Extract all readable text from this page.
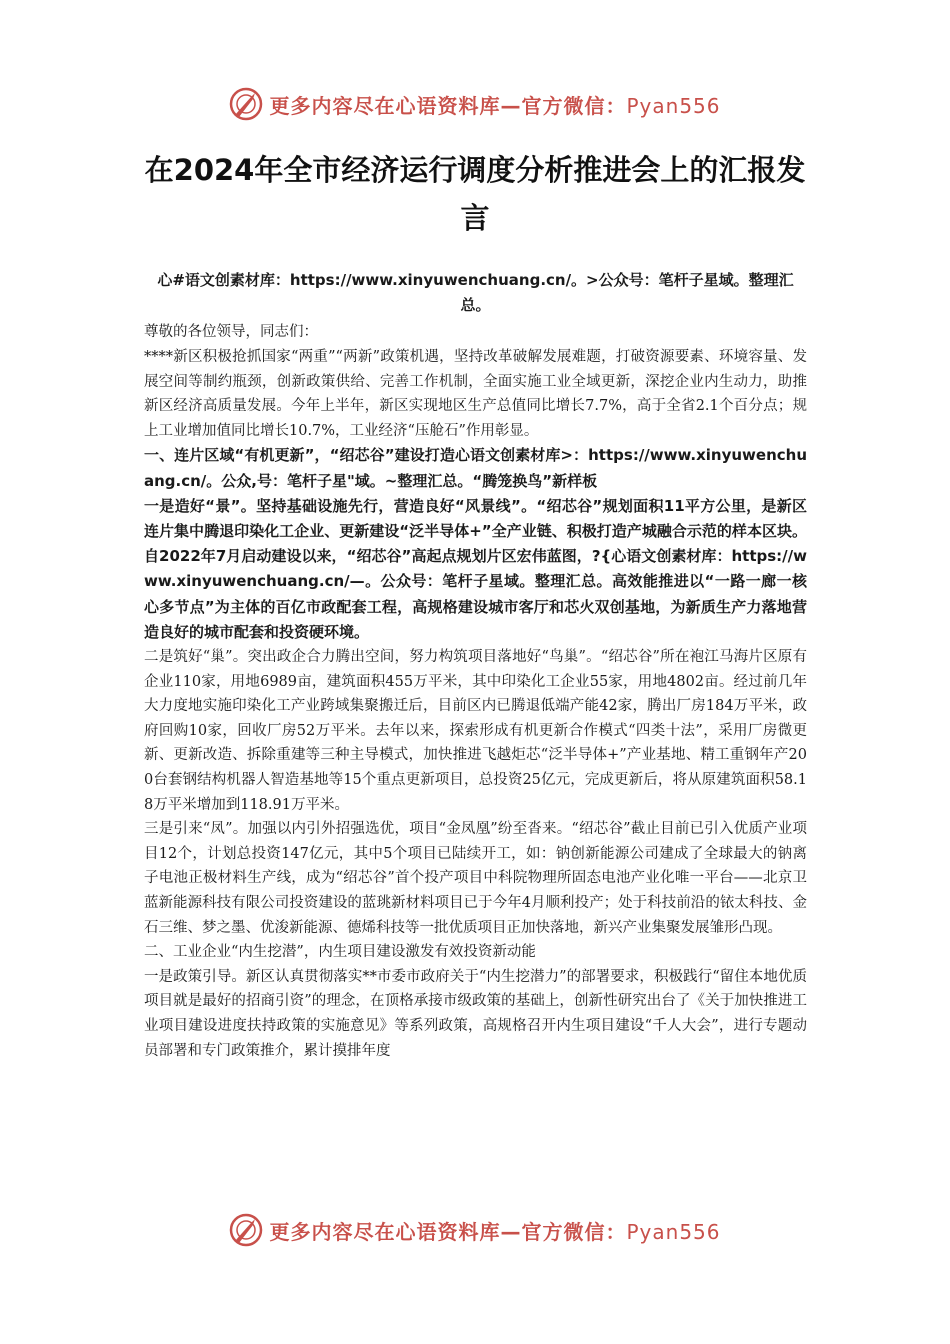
更多内容尽在心语资料库—官方微信：Pyan556
在2024年全市经济运行调度分析推进会上的汇报发言

心#语文创素材库：https://www.xinyuwenchuang.cn/。>公众号：笔杆子星域。整理汇总。

尊敬的各位领导，同志们：

****新区积极抢抓国家“两重”“两新”政策机遇，坚持改革破解发展难题，打破资源要素、环境容量、发展空间等制约瓶颈，创新政策供给、完善工作机制，全面实施工业全域更新，深挖企业内生动力，助推新区经济高质量发展。今年上半年，新区实现地区生产总值同比增长7.7%，高于全省2.1个百分点；规上工业增加值同比增长10.7%，工业经济“压舱石”作用彰显。

一、连片区域“有机更新”，“绍芯谷”建设打造心语文创素材库>：https://www.xinyuwenchuang.cn/。公众,号：笔杆子星"域。~整理汇总。“腾笼换鸟”新样板

一是造好“景”。坚持基础设施先行，营造良好“风景线”。“绍芯谷”规划面积11平方公里，是新区连片集中腾退印染化工企业、更新建设“泛半导体+”全产业链、积极打造产城融合示范的样本区块。自2022年7月启动建设以来，“绍芯谷”高起点规划片区宏伟蓝图，?{心语文创素材库：https://www.xinyuwenchuang.cn/—。公众号：笔杆子星域。整理汇总。高效能推进以“一路一廊一核心多节点”为主体的百亿市政配套工程，高规格建设城市客厅和芯火双创基地，为新质生产力落地营造良好的城市配套和投资硬环境。

二是筑好“巢”。突出政企合力腾出空间，努力构筑项目落地好“鸟巢”。“绍芯谷”所在袍江马海片区原有企业110家，用地6989亩，建筑面积455万平米，其中印染化工企业55家，用地4802亩。经过前几年大力度地实施印染化工产业跨域集聚搬迁后，目前区内已腾退低端产能42家，腾出厂房184万平米，政府回购10家，回收厂房52万平米。去年以来，探索形成有机更新合作模式“四类十法”，采用厂房微更新、更新改造、拆除重建等三种主导模式，加快推进飞越炬芯“泛半导体+”产业基地、精工重钢年产200台套钢结构机器人智造基地等15个重点更新项目，总投资25亿元，完成更新后，将从原建筑面积58.18万平米增加到118.91万平米。

三是引来“凤”。加强以内引外招强选优，项目“金凤凰”纷至沓来。“绍芯谷”截止目前已引入优质产业项目12个，计划总投资147亿元，其中5个项目已陆续开工，如：钠创新能源公司建成了全球最大的钠离子电池正极材料生产线，成为“绍芯谷”首个投产项目中科院物理所固态电池产业化唯一平台——北京卫蓝新能源科技有限公司投资建设的蓝珧新材料项目已于今年4月顺利投产；处于科技前沿的铱太科技、金石三维、梦之墨、优浚新能源、德烯科技等一批优质项目正加快落地，新兴产业集聚发展雏形凸现。

二、工业企业“内生挖潜”，内生项目建设激发有效投资新动能

一是政策引导。新区认真贯彻落实**市委市政府关于“内生挖潜力”的部署要求，积极践行“留住本地优质项目就是最好的招商引资”的理念，在顶格承接市级政策的基础上，创新性研究出台了《关于加快推进工业项目建设进度扶持政策的实施意见》等系列政策，高规格召开内生项目建设“千人大会”，进行专题动员部署和专门政策推介，累计摸排年度

更多内容尽在心语资料库—官方微信：Pyan556
